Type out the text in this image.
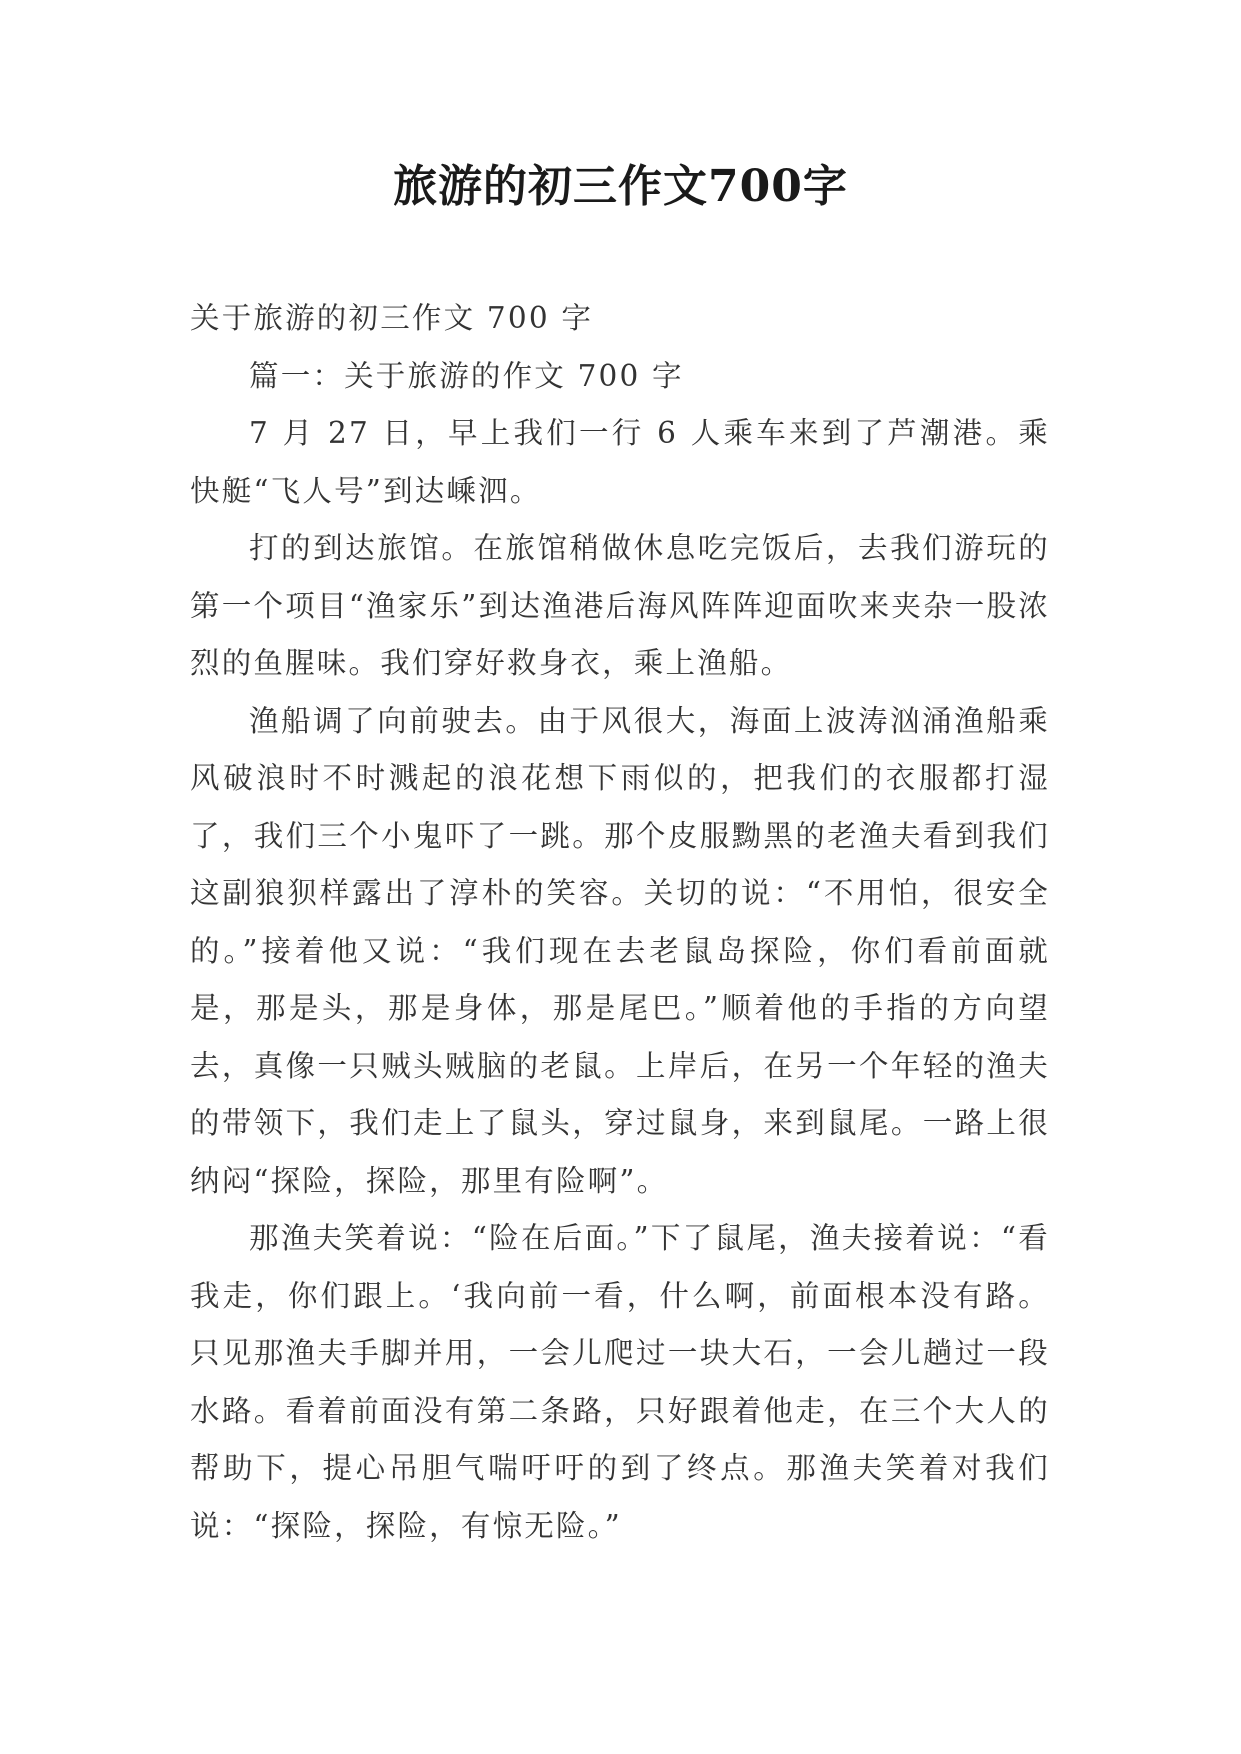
旅游的初三作文700字

关于旅游的初三作文 700 字

篇一：关于旅游的作文 700 字

7 月 27 日，早上我们一行 6 人乘车来到了芦潮港。乘快艇“飞人号”到达嵊泗。

打的到达旅馆。在旅馆稍做休息吃完饭后，去我们游玩的第一个项目“渔家乐”到达渔港后海风阵阵迎面吹来夹杂一股浓烈的鱼腥味。我们穿好救身衣，乘上渔船。

渔船调了向前驶去。由于风很大，海面上波涛汹涌渔船乘风破浪时不时溅起的浪花想下雨似的，把我们的衣服都打湿了，我们三个小鬼吓了一跳。那个皮服黝黑的老渔夫看到我们这副狼狈样露出了淳朴的笑容。关切的说：“不用怕，很安全的。”接着他又说：“我们现在去老鼠岛探险，你们看前面就是，那是头，那是身体，那是尾巴。”顺着他的手指的方向望去，真像一只贼头贼脑的老鼠。上岸后，在另一个年轻的渔夫的带领下，我们走上了鼠头，穿过鼠身，来到鼠尾。一路上很纳闷“探险，探险，那里有险啊”。

那渔夫笑着说：“险在后面。”下了鼠尾，渔夫接着说：“看我走，你们跟上。‘我向前一看，什么啊，前面根本没有路。只见那渔夫手脚并用，一会儿爬过一块大石，一会儿趟过一段水路。看着前面没有第二条路，只好跟着他走，在三个大人的帮助下，提心吊胆气喘吁吁的到了终点。那渔夫笑着对我们说：“探险，探险，有惊无险。”
